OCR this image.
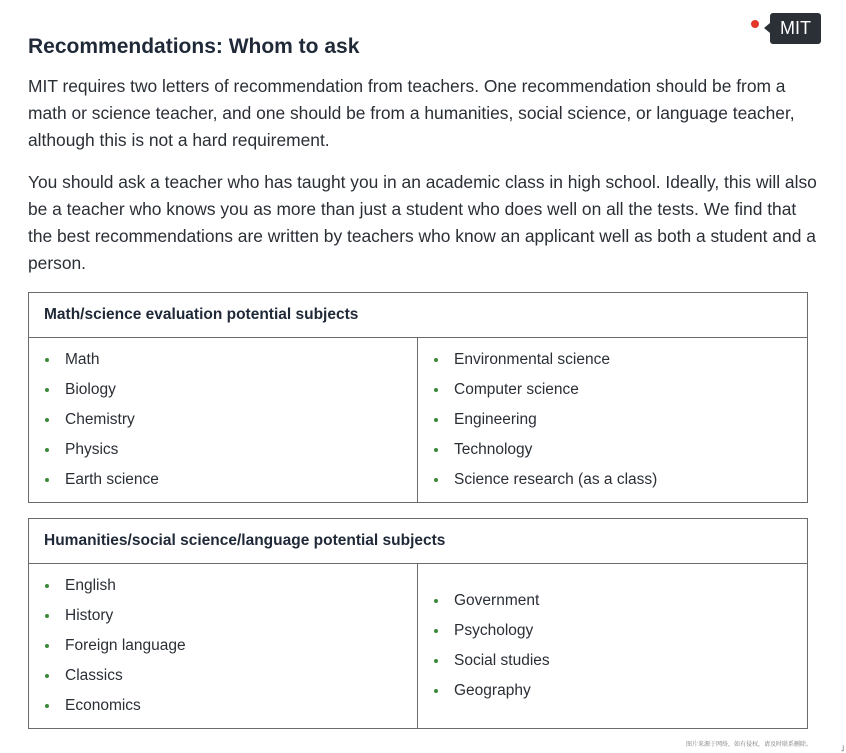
MIT
Recommendations: Whom to ask

MIT requires two letters of recommendation from teachers. One recommendation should be from a math or science teacher, and one should be from a humanities, social science, or language teacher, although this is not a hard requirement.

You should ask a teacher who has taught you in an academic class in high school. Ideally, this will also be a teacher who knows you as more than just a student who does well on all the tests. We find that the best recommendations are written by teachers who know an applicant well as both a student and a person.

Math/science evaluation potential subjects
Math
Biology
Chemistry
Physics
Earth science
Environmental science
Computer science
Engineering
Technology
Science research (as a class)
Humanities/social science/language potential subjects
English
History
Foreign language
Classics
Economics
Government
Psychology
Social studies
Geography
图片来源于网络，如有侵权，请及时联系删除。	˩
